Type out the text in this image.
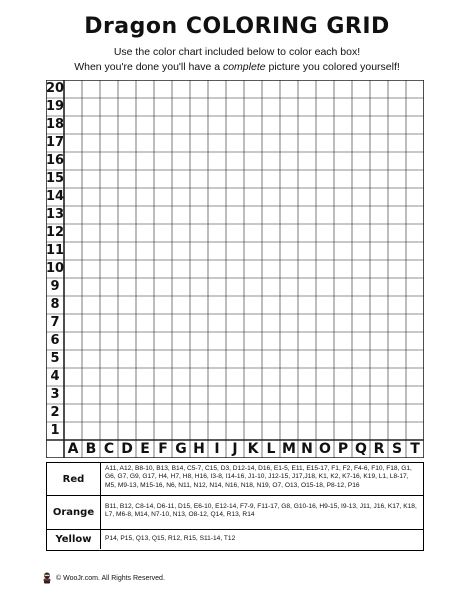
Dragon COLORING GRID
Use the color chart included below to color each box!
When you're done you'll have a complete picture you colored yourself!
20
19
18
17
16
15
14
13
12
11
10
9
8
7
6
5
4
3
2
1
A B C D E F G H I J K L M N O P Q R S T
Red
A11, A12, B8-10, B13, B14, C5-7, C15, D3, D12-14, D16, E1-5, E11, E15-17, F1, F2, F4-6, F10, F18, G1, G6, G7, G9, G17, H4, H7, H8, H16, I3-8, I14-16, J1-10, J12-15, J17,J18, K1, K2, K7-16, K19, L1, L8-17, M5, M9-13, M15-16, N6, N11, N12, N14, N16, N18, N19, O7, O13, O15-18, P8-12, P16
Orange
B11, B12, C8-14, D6-11, D15, E6-10, E12-14, F7-9, F11-17, G8, G10-16, H9-15, I9-13, J11, J16, K17, K18, L7, M6-8, M14, N7-10, N13, O8-12, Q14, R13, R14
Yellow	P14, P15, Q13, Q15, R12, R15, S11-14, T12
© WooJr.com. All Rights Reserved.
